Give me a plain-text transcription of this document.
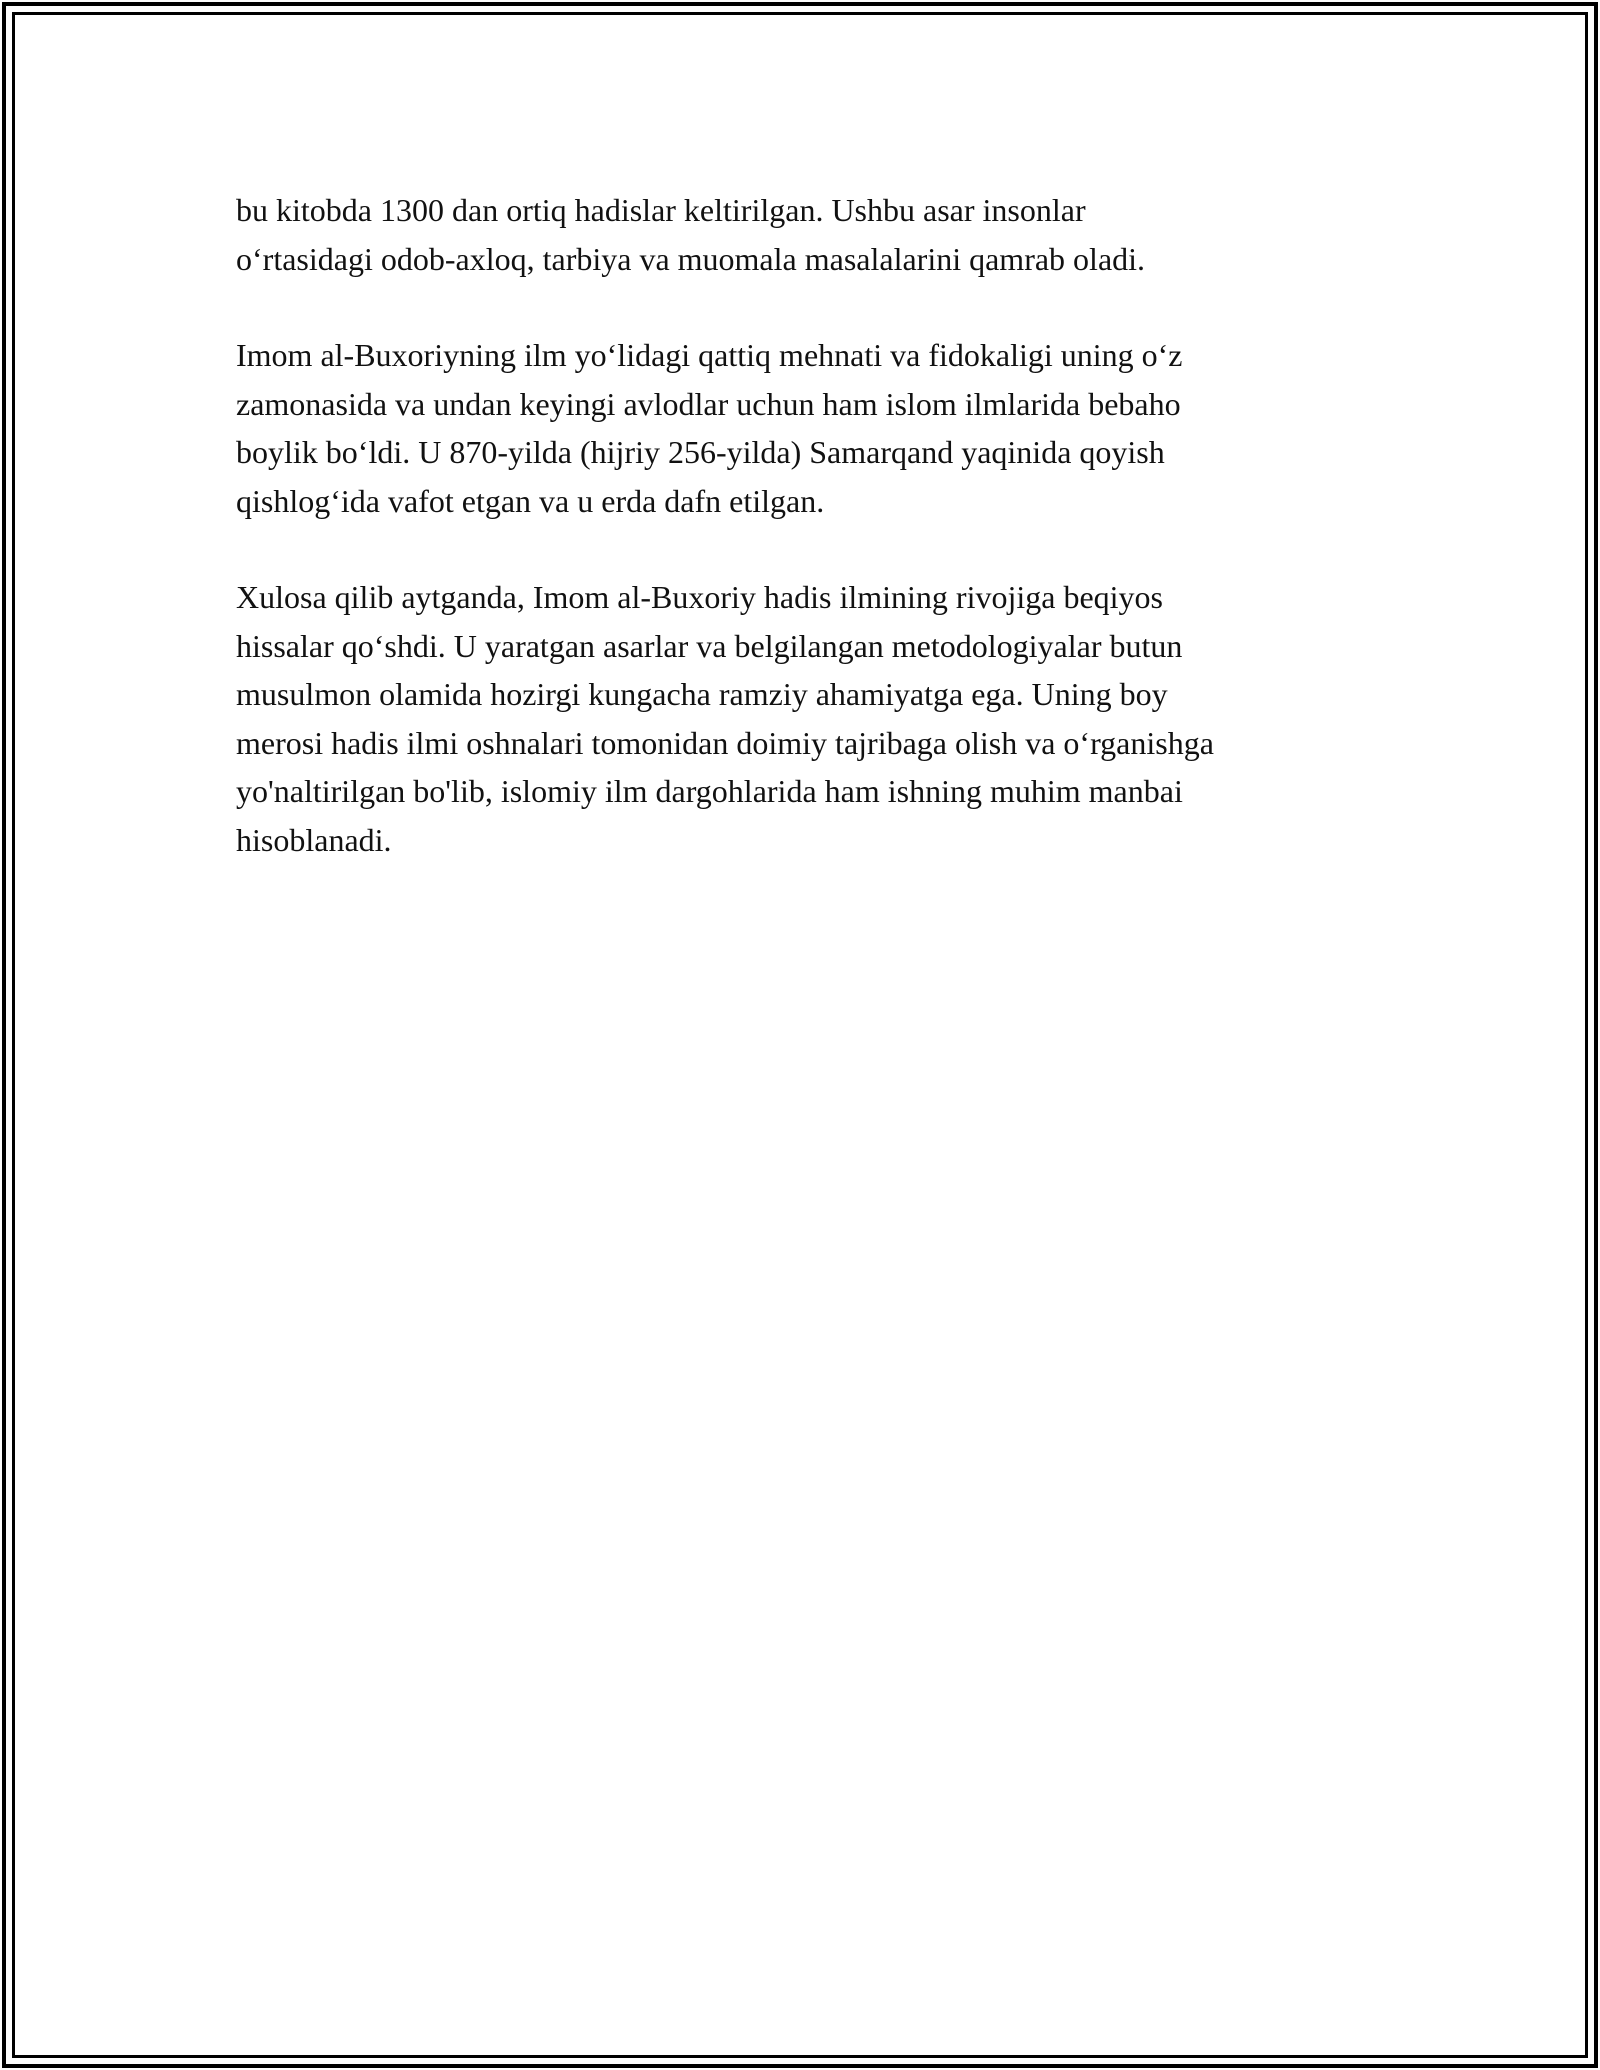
bu kitobda 1300 dan ortiq hadislar keltirilgan. Ushbu asar insonlar
o‘rtasidagi odob-axloq, tarbiya va muomala masalalarini qamrab oladi.

Imom al-Buxoriyning ilm yo‘lidagi qattiq mehnati va fidokaligi uning o‘z
zamonasida va undan keyingi avlodlar uchun ham islom ilmlarida bebaho
boylik bo‘ldi. U 870-yilda (hijriy 256-yilda) Samarqand yaqinida qoyish
qishlog‘ida vafot etgan va u erda dafn etilgan.

Xulosa qilib aytganda, Imom al-Buxoriy hadis ilmining rivojiga beqiyos
hissalar qo‘shdi. U yaratgan asarlar va belgilangan metodologiyalar butun
musulmon olamida hozirgi kungacha ramziy ahamiyatga ega. Uning boy
merosi hadis ilmi oshnalari tomonidan doimiy tajribaga olish va o‘rganishga
yo'naltirilgan bo'lib, islomiy ilm dargohlarida ham ishning muhim manbai
hisoblanadi.
